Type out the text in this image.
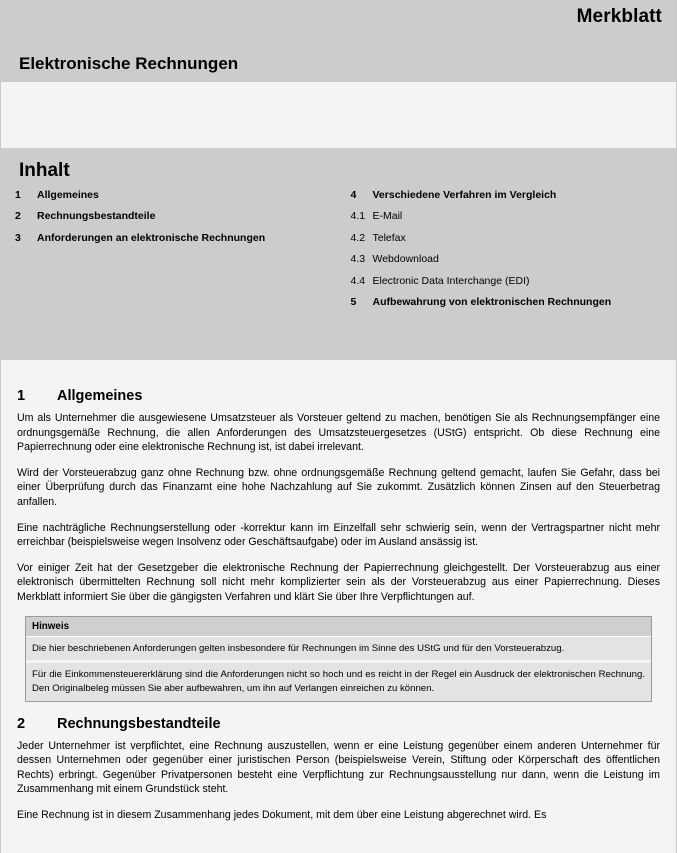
Merkblatt
Elektronische Rechnungen
Inhalt
1	Allgemeines
2	Rechnungsbestandteile
3	Anforderungen an elektronische Rechnungen
4	Verschiedene Verfahren im Vergleich
4.1 E-Mail
4.2 Telefax
4.3 Webdownload
4.4 Electronic Data Interchange (EDI)
5	Aufbewahrung von elektronischen Rechnungen
1	Allgemeines

Um als Unternehmer die ausgewiesene Umsatzsteuer als Vorsteuer geltend zu machen, benötigen Sie als Rechnungsempfänger eine ordnungsgemäße Rechnung, die allen Anforderungen des Umsatzsteuergesetzes (UStG) entspricht. Ob diese Rechnung eine Papierrechnung oder eine elektronische Rechnung ist, ist dabei irrelevant.

Wird der Vorsteuerabzug ganz ohne Rechnung bzw. ohne ordnungsgemäße Rechnung geltend gemacht, laufen Sie Gefahr, dass bei einer Überprüfung durch das Finanzamt eine hohe Nachzahlung auf Sie zukommt. Zusätzlich können Zinsen auf den Steuerbetrag anfallen.

Eine nachträgliche Rechnungserstellung oder -korrektur kann im Einzelfall sehr schwierig sein, wenn der Vertragspartner nicht mehr erreichbar (beispielsweise wegen Insolvenz oder Geschäftsaufgabe) oder im Ausland ansässig ist.

Vor einiger Zeit hat der Gesetzgeber die elektronische Rechnung der Papierrechnung gleichgestellt. Der Vorsteuerabzug aus einer elektronisch übermittelten Rechnung soll nicht mehr komplizierter sein als der Vorsteuerabzug aus einer Papierrechnung. Dieses Merkblatt informiert Sie über die gängigsten Verfahren und klärt Sie über Ihre Verpflichtungen auf.

Hinweis

Die hier beschriebenen Anforderungen gelten insbesondere für Rechnungen im Sinne des UStG und für den Vorsteuerabzug.

Für die Einkommensteuererklärung sind die Anforderungen nicht so hoch und es reicht in der Regel ein Ausdruck der elektronischen Rechnung. Den Originalbeleg müssen Sie aber aufbewahren, um ihn auf Verlangen einreichen zu können.

2	Rechnungsbestandteile

Jeder Unternehmer ist verpflichtet, eine Rechnung auszustellen, wenn er eine Leistung gegenüber einem anderen Unternehmer für dessen Unternehmen oder gegenüber einer juristischen Person (beispielsweise Verein, Stiftung oder Körperschaft des öffentlichen Rechts) erbringt. Gegenüber Privatpersonen besteht eine Verpflichtung zur Rechnungsausstellung nur dann, wenn die Leistung im Zusammenhang mit einem Grundstück steht.

Eine Rechnung ist in diesem Zusammenhang jedes Dokument, mit dem über eine Leistung abgerechnet wird. Es
